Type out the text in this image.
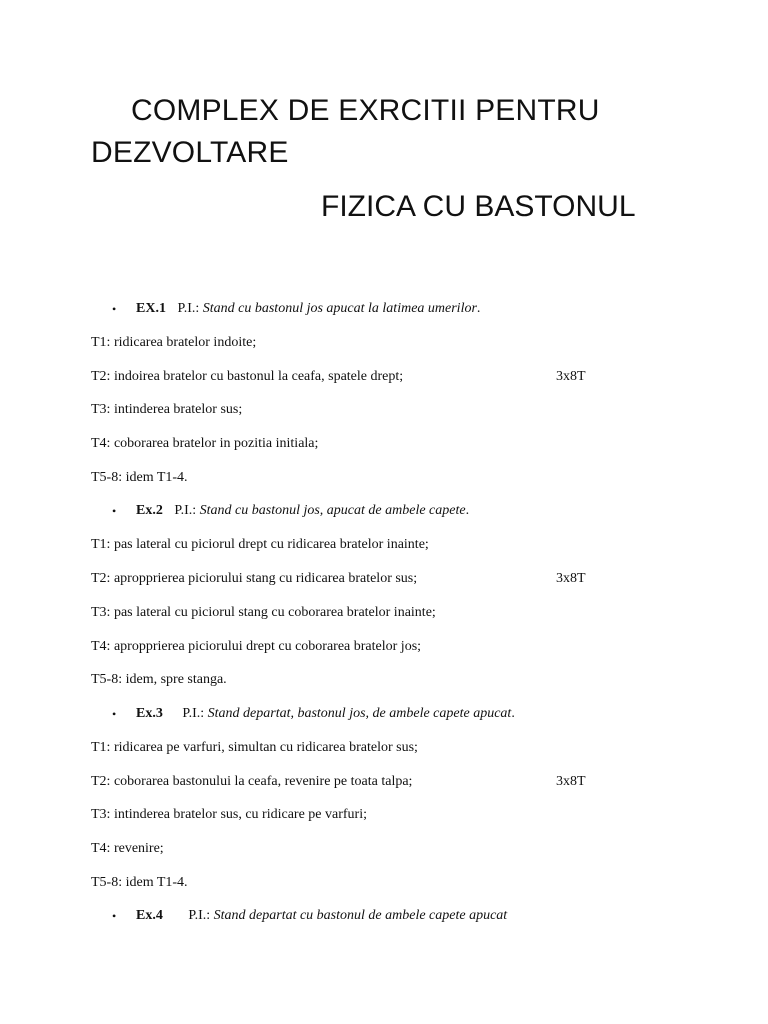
COMPLEX DE EXRCITII PENTRU
DEZVOLTARE
FIZICA CU BASTONUL
• EX.1 P.I.: Stand cu bastonul jos apucat la latimea umerilor.
T1: ridicarea bratelor indoite;
T2: indoirea bratelor cu bastonul la ceafa, spatele drept;	3x8T
T3: intinderea bratelor sus;
T4: coborarea bratelor in pozitia initiala;
T5-8: idem T1-4.
• Ex.2 P.I.: Stand cu bastonul jos, apucat de ambele capete.
T1: pas lateral cu piciorul drept cu ridicarea bratelor inainte;
T2: apropprierea piciorului stang cu ridicarea bratelor sus;	3x8T
T3: pas lateral cu piciorul stang cu coborarea bratelor inainte;
T4: apropprierea piciorului drept cu coborarea bratelor jos;
T5-8: idem, spre stanga.
• Ex.3 P.I.: Stand departat, bastonul jos, de ambele capete apucat.
T1: ridicarea pe varfuri, simultan cu ridicarea bratelor sus;
T2: coborarea bastonului la ceafa, revenire pe toata talpa;	3x8T
T3: intinderea bratelor sus, cu ridicare pe varfuri;
T4: revenire;
T5-8: idem T1-4.
• Ex.4 P.I.: Stand departat cu bastonul de ambele capete apucat
